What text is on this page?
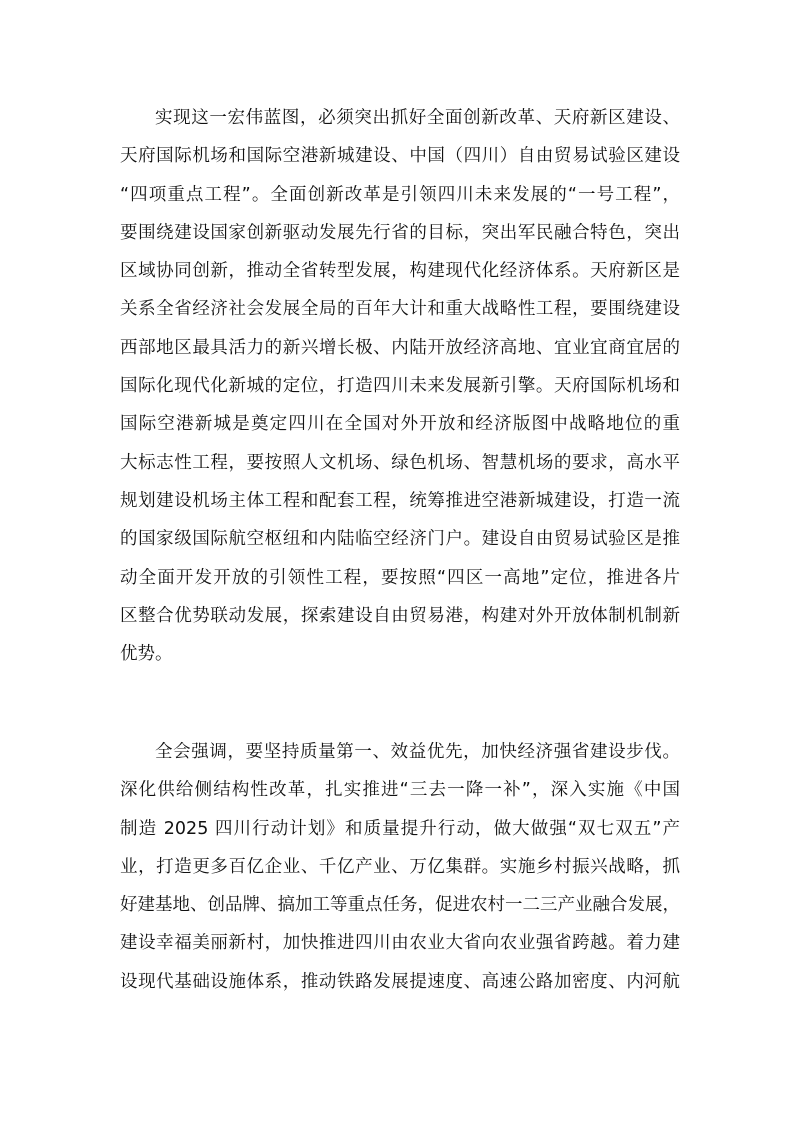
实现这一宏伟蓝图，必须突出抓好全面创新改革、天府新区建设、
天府国际机场和国际空港新城建设、中国（四川）自由贸易试验区建设
“四项重点工程”。全面创新改革是引领四川未来发展的“一号工程”，
要围绕建设国家创新驱动发展先行省的目标，突出军民融合特色，突出
区域协同创新，推动全省转型发展，构建现代化经济体系。天府新区是
关系全省经济社会发展全局的百年大计和重大战略性工程，要围绕建设
西部地区最具活力的新兴增长极、内陆开放经济高地、宜业宜商宜居的
国际化现代化新城的定位，打造四川未来发展新引擎。天府国际机场和
国际空港新城是奠定四川在全国对外开放和经济版图中战略地位的重
大标志性工程，要按照人文机场、绿色机场、智慧机场的要求，高水平
规划建设机场主体工程和配套工程，统筹推进空港新城建设，打造一流
的国家级国际航空枢纽和内陆临空经济门户。建设自由贸易试验区是推
动全面开发开放的引领性工程，要按照“四区一高地”定位，推进各片
区整合优势联动发展，探索建设自由贸易港，构建对外开放体制机制新
优势。
全会强调，要坚持质量第一、效益优先，加快经济强省建设步伐。
深化供给侧结构性改革，扎实推进“三去一降一补”，深入实施《中国
制造 2025 四川行动计划》和质量提升行动，做大做强“双七双五”产
业，打造更多百亿企业、千亿产业、万亿集群。实施乡村振兴战略，抓
好建基地、创品牌、搞加工等重点任务，促进农村一二三产业融合发展，
建设幸福美丽新村，加快推进四川由农业大省向农业强省跨越。着力建
设现代基础设施体系，推动铁路发展提速度、高速公路加密度、内河航
